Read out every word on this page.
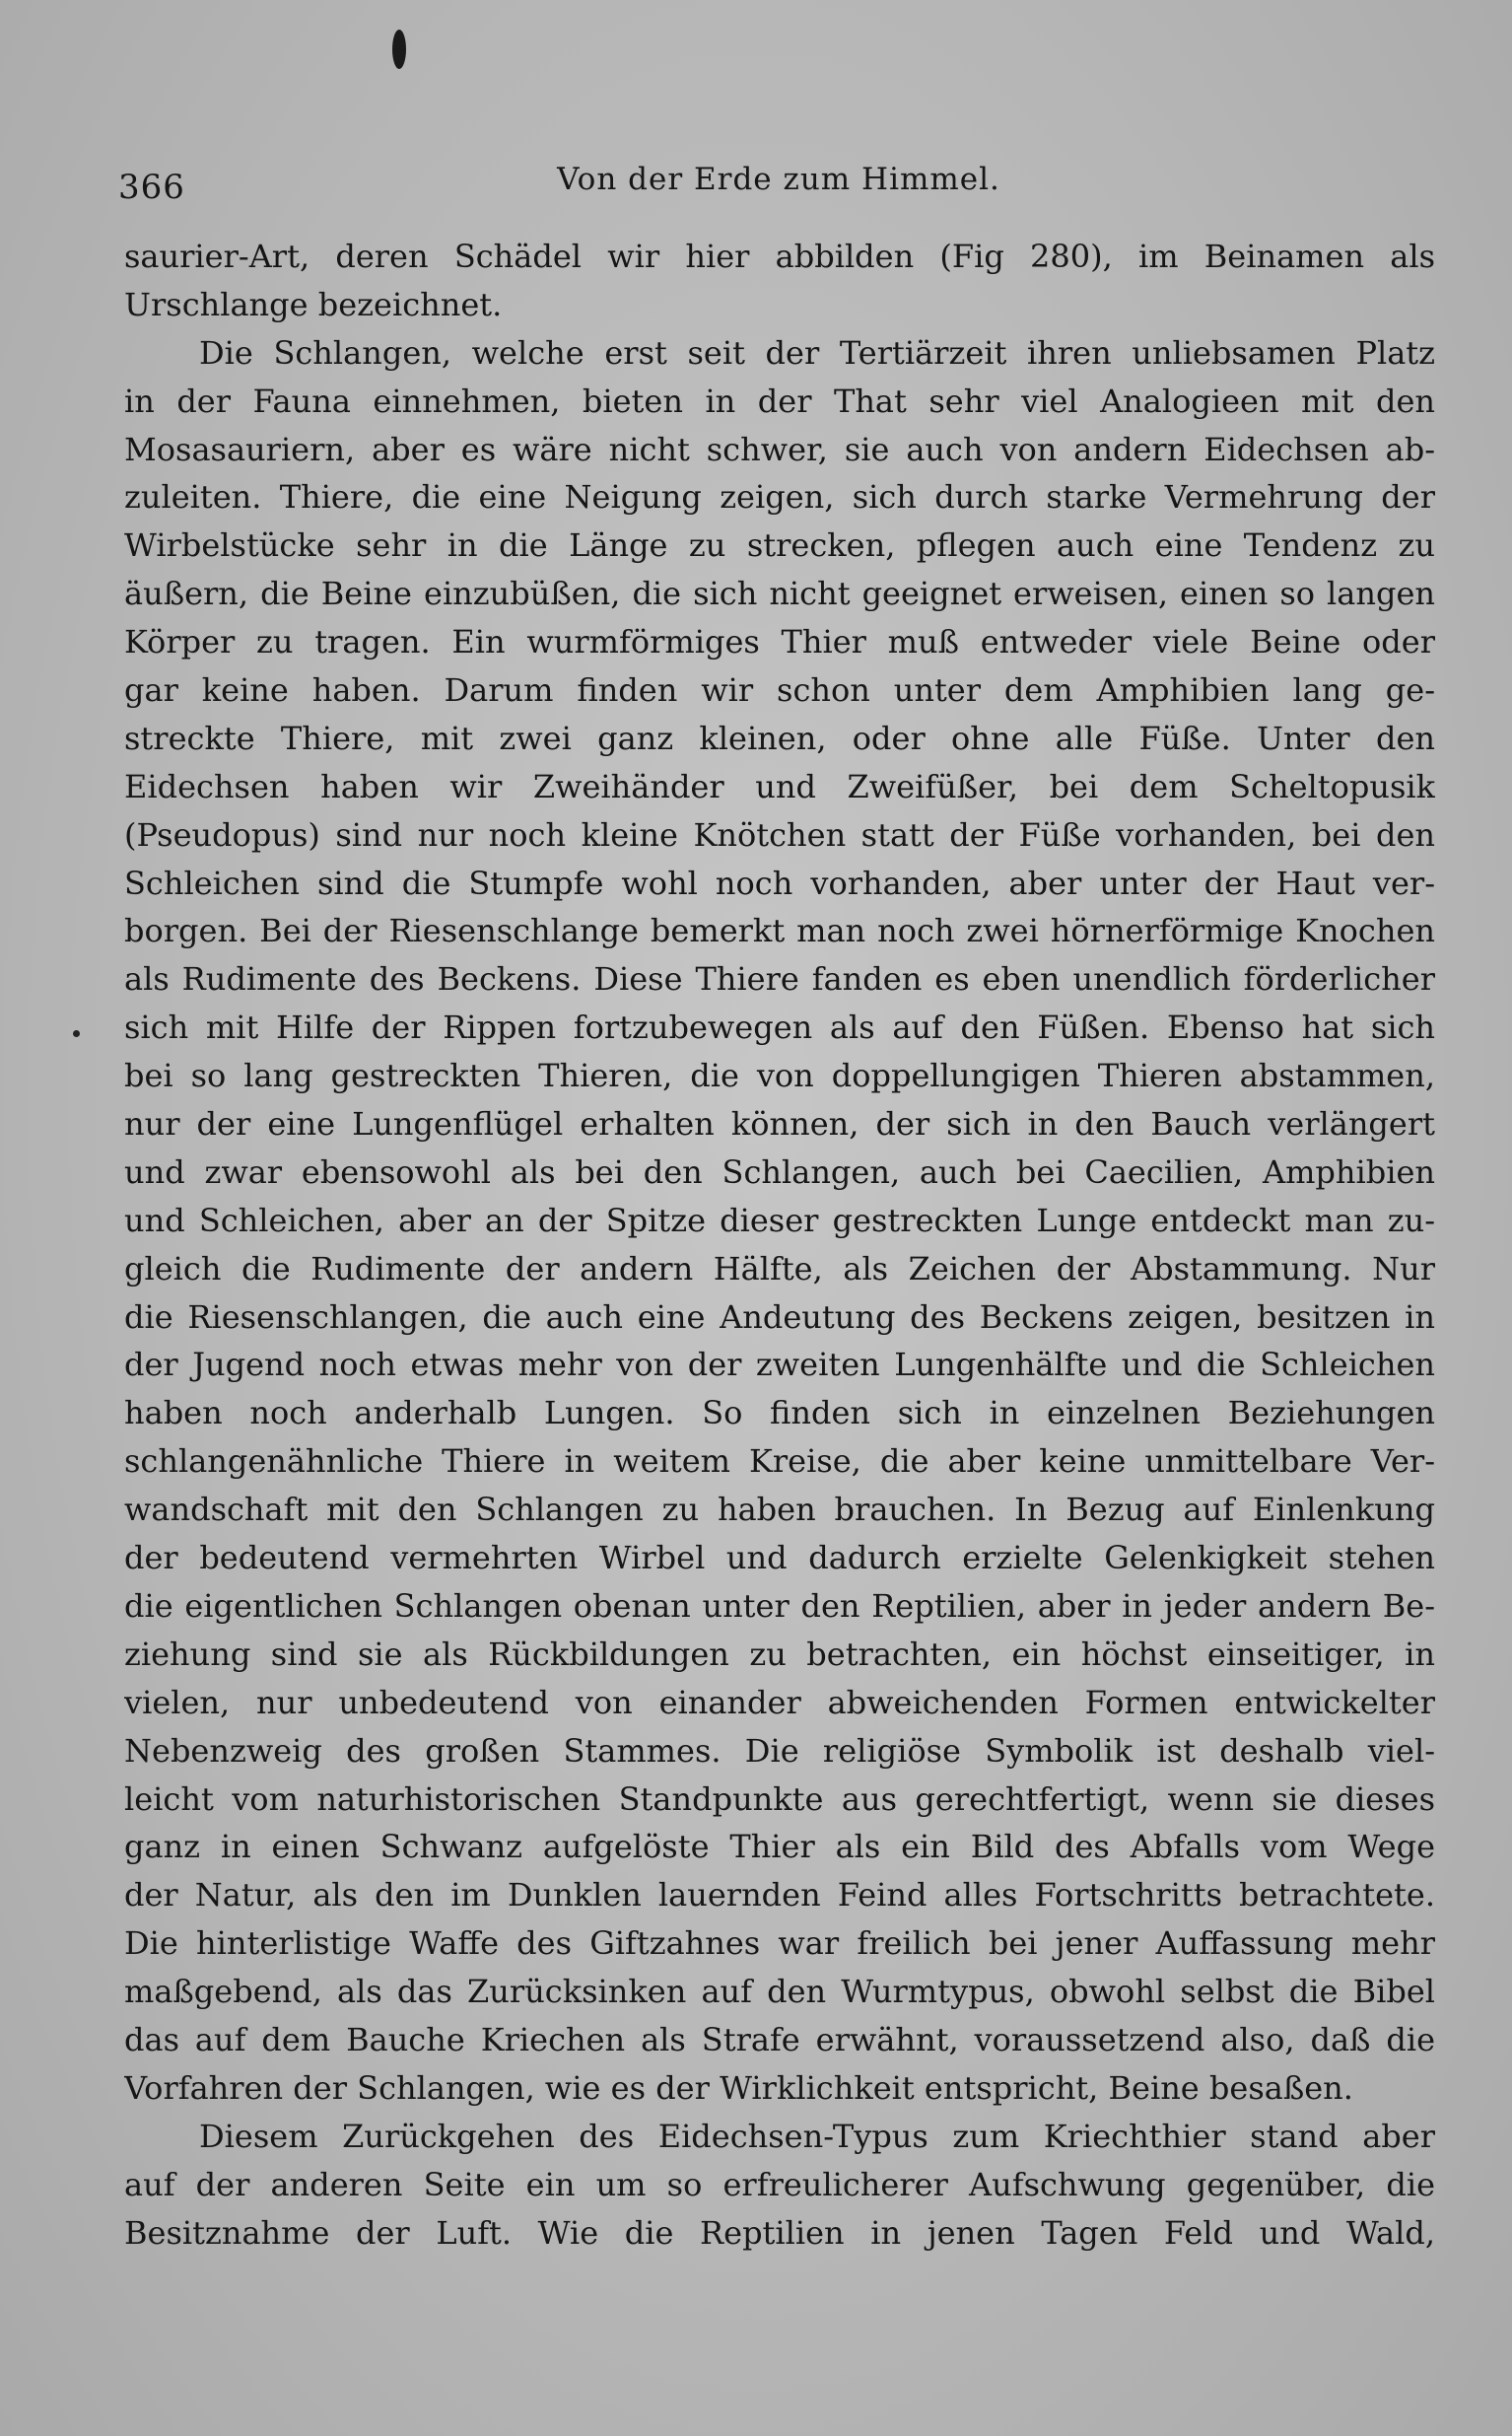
366	Von der Erde zum Himmel.
saurier-Art, deren Schädel wir hier abbilden (Fig 280), im Beinamen als
Urschlange bezeichnet.
Die Schlangen, welche erst seit der Tertiärzeit ihren unliebsamen Platz
in der Fauna einnehmen, bieten in der That sehr viel Analogieen mit den
Mosasauriern, aber es wäre nicht schwer, sie auch von andern Eidechsen ab-
zuleiten. Thiere, die eine Neigung zeigen, sich durch starke Vermehrung der
Wirbelstücke sehr in die Länge zu strecken, pflegen auch eine Tendenz zu
äußern, die Beine einzubüßen, die sich nicht geeignet erweisen, einen so langen
Körper zu tragen. Ein wurmförmiges Thier muß entweder viele Beine oder
gar keine haben. Darum finden wir schon unter dem Amphibien lang ge-
streckte Thiere, mit zwei ganz kleinen, oder ohne alle Füße. Unter den
Eidechsen haben wir Zweihänder und Zweifüßer, bei dem Scheltopusik
(Pseudopus) sind nur noch kleine Knötchen statt der Füße vorhanden, bei den
Schleichen sind die Stumpfe wohl noch vorhanden, aber unter der Haut ver-
borgen. Bei der Riesenschlange bemerkt man noch zwei hörnerförmige Knochen
als Rudimente des Beckens. Diese Thiere fanden es eben unendlich förderlicher
sich mit Hilfe der Rippen fortzubewegen als auf den Füßen. Ebenso hat sich
bei so lang gestreckten Thieren, die von doppellungigen Thieren abstammen,
nur der eine Lungenflügel erhalten können, der sich in den Bauch verlängert
und zwar ebensowohl als bei den Schlangen, auch bei Caecilien, Amphibien
und Schleichen, aber an der Spitze dieser gestreckten Lunge entdeckt man zu-
gleich die Rudimente der andern Hälfte, als Zeichen der Abstammung. Nur
die Riesenschlangen, die auch eine Andeutung des Beckens zeigen, besitzen in
der Jugend noch etwas mehr von der zweiten Lungenhälfte und die Schleichen
haben noch anderhalb Lungen. So finden sich in einzelnen Beziehungen
schlangenähnliche Thiere in weitem Kreise, die aber keine unmittelbare Ver-
wandschaft mit den Schlangen zu haben brauchen. In Bezug auf Einlenkung
der bedeutend vermehrten Wirbel und dadurch erzielte Gelenkigkeit stehen
die eigentlichen Schlangen obenan unter den Reptilien, aber in jeder andern Be-
ziehung sind sie als Rückbildungen zu betrachten, ein höchst einseitiger, in
vielen, nur unbedeutend von einander abweichenden Formen entwickelter
Nebenzweig des großen Stammes. Die religiöse Symbolik ist deshalb viel-
leicht vom naturhistorischen Standpunkte aus gerechtfertigt, wenn sie dieses
ganz in einen Schwanz aufgelöste Thier als ein Bild des Abfalls vom Wege
der Natur, als den im Dunklen lauernden Feind alles Fortschritts betrachtete.
Die hinterlistige Waffe des Giftzahnes war freilich bei jener Auffassung mehr
maßgebend, als das Zurücksinken auf den Wurmtypus, obwohl selbst die Bibel
das auf dem Bauche Kriechen als Strafe erwähnt, voraussetzend also, daß die
Vorfahren der Schlangen, wie es der Wirklichkeit entspricht, Beine besaßen.
Diesem Zurückgehen des Eidechsen-Typus zum Kriechthier stand aber
auf der anderen Seite ein um so erfreulicherer Aufschwung gegenüber, die
Besitznahme der Luft. Wie die Reptilien in jenen Tagen Feld und Wald,
